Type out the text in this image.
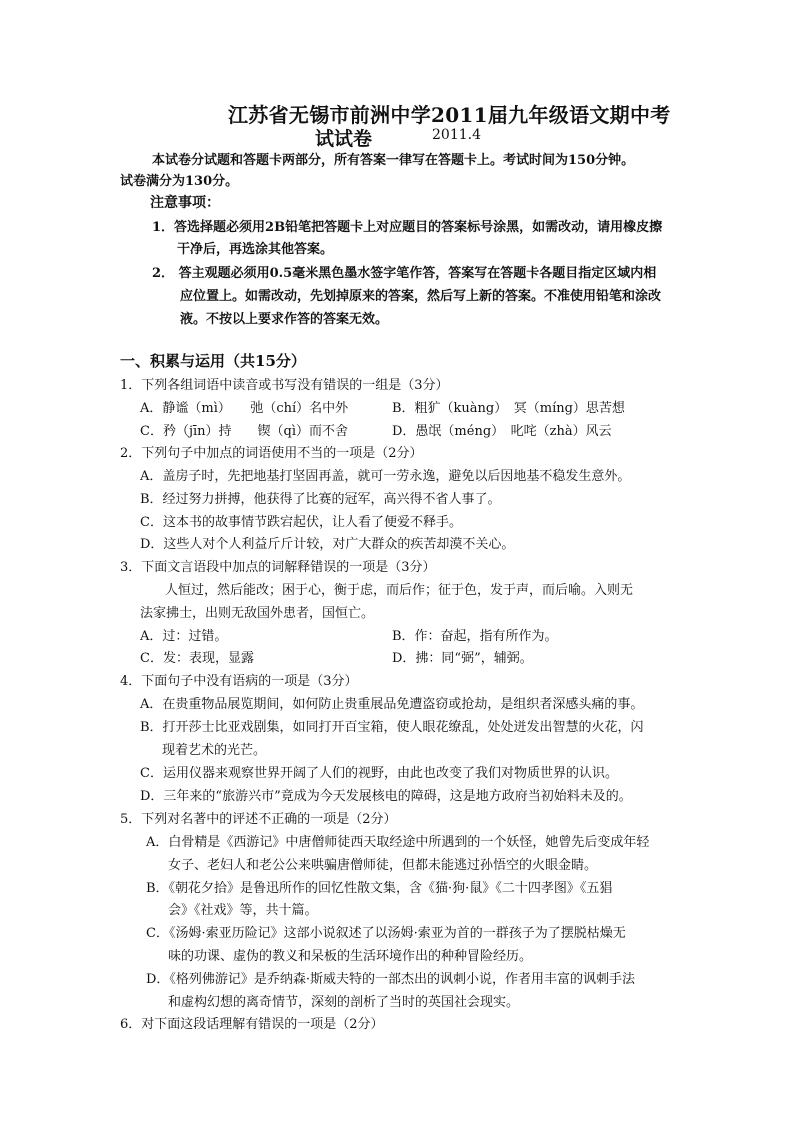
江苏省无锡市前洲中学2011届九年级语文期中考
试试卷	2011.4
本试卷分试题和答题卡两部分，所有答案一律写在答题卡上。考试时间为150分钟。
试卷满分为130分。
注意事项：
1．答选择题必须用2B铅笔把答题卡上对应题目的答案标号涂黑，如需改动，请用橡皮擦
干净后，再选涂其他答案。
2． 答主观题必须用0.5毫米黑色墨水签字笔作答，答案写在答题卡各题目指定区域内相
应位置上。如需改动，先划掉原来的答案，然后写上新的答案。不准使用铅笔和涂改
液。不按以上要求作答的答案无效。
一、积累与运用（共15分）
1．下列各组词语中读音或书写没有错误的一组是（3分）
A．静谧（mì）　　弛（chí）名中外	B．粗犷（kuàng）　冥（míng）思苦想
C．矜（jīn）持　　锲（qì）而不舍	D．愚氓（méng）　叱咤（zhà）风云
2．下列句子中加点的词语使用不当的一项是（2分）
A．盖房子时，先把地基打坚固再盖，就可一劳永逸，避免以后因地基不稳发生意外。
B．经过努力拼搏，他获得了比赛的冠军，高兴得不省人事了。
C．这本书的故事情节跌宕起伏，让人看了便爱不释手。
D．这些人对个人利益斤斤计较，对广大群众的疾苦却漠不关心。
3．下面文言语段中加点的词解释错误的一项是（3分）
人恒过，然后能改；困于心，衡于虑，而后作；征于色，发于声，而后喻。入则无
法家拂士，出则无敌国外患者，国恒亡。
A．过：过错。	B．作：奋起，指有所作为。
C．发：表现，显露	D．拂：同“弼”，辅弼。
4．下面句子中没有语病的一项是（3分）
A．在贵重物品展览期间，如何防止贵重展品免遭盗窃或抢劫，是组织者深感头痛的事。
B．打开莎士比亚戏剧集，如同打开百宝箱，使人眼花缭乱，处处迸发出智慧的火花，闪
现着艺术的光芒。
C．运用仪器来观察世界开阔了人们的视野，由此也改变了我们对物质世界的认识。
D．三年来的“旅游兴市”竟成为今天发展核电的障碍，这是地方政府当初始料未及的。
5．下列对名著中的评述不正确的一项是（2分）
A．白骨精是《西游记》中唐僧师徒西天取经途中所遇到的一个妖怪，她曾先后变成年轻
女子、老妇人和老公公来哄骗唐僧师徒，但都未能逃过孙悟空的火眼金睛。
B．《朝花夕拾》是鲁迅所作的回忆性散文集，含《猫·狗·鼠》《二十四孝图》《五猖
会》《社戏》等，共十篇。
C．《汤姆·索亚历险记》这部小说叙述了以汤姆·索亚为首的一群孩子为了摆脱枯燥无
味的功课、虚伪的教义和呆板的生活环境作出的种种冒险经历。
D．《格列佛游记》是乔纳森·斯威夫特的一部杰出的讽刺小说，作者用丰富的讽刺手法
和虚构幻想的离奇情节，深刻的剖析了当时的英国社会现实。
6．对下面这段话理解有错误的一项是（2分）
